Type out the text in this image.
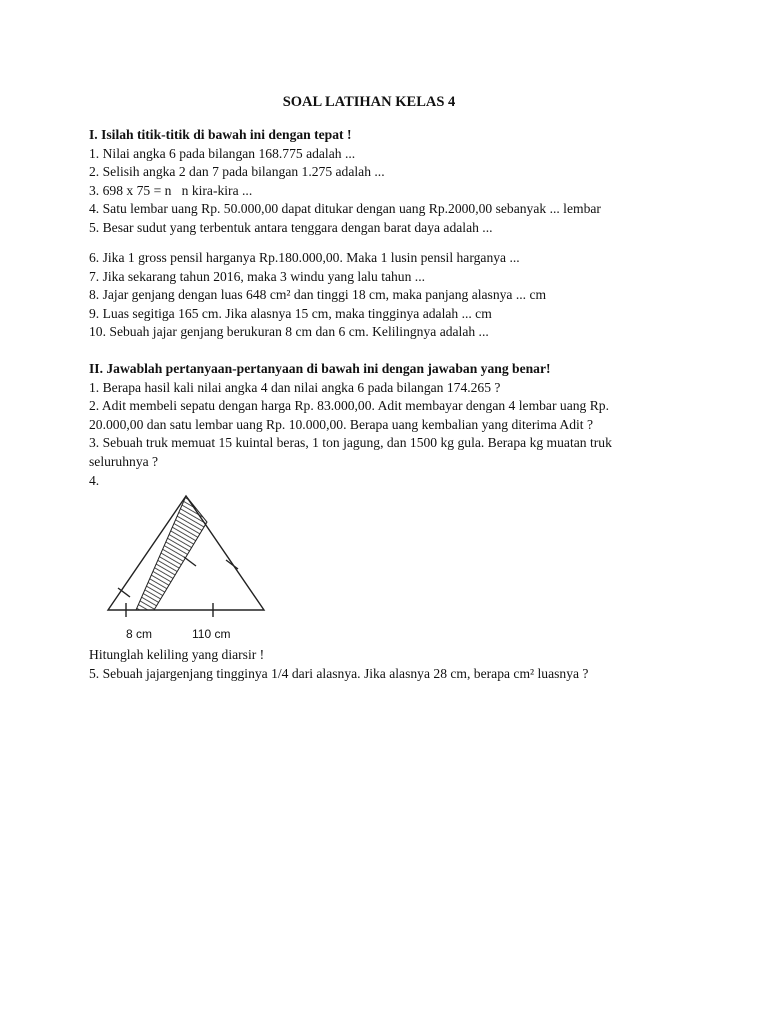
SOAL LATIHAN KELAS 4
I. Isilah titik-titik di bawah ini dengan tepat !
1. Nilai angka 6 pada bilangan 168.775 adalah ...
2. Selisih angka 2 dan 7 pada bilangan 1.275 adalah ...
3. 698 x 75 = n   n kira-kira ...
4. Satu lembar uang Rp. 50.000,00 dapat ditukar dengan uang Rp.2000,00 sebanyak ... lembar
5. Besar sudut yang terbentuk antara tenggara dengan barat daya adalah ...
6. Jika 1 gross pensil harganya Rp.180.000,00. Maka 1 lusin pensil harganya ...
7. Jika sekarang tahun 2016, maka 3 windu yang lalu tahun ...
8. Jajar genjang dengan luas 648 cm² dan tinggi 18 cm, maka panjang alasnya ... cm
9. Luas segitiga 165 cm. Jika alasnya 15 cm, maka tingginya adalah ... cm
10. Sebuah jajar genjang berukuran 8 cm dan 6 cm. Kelilingnya adalah ...
II. Jawablah pertanyaan-pertanyaan di bawah ini dengan jawaban yang benar!
1. Berapa hasil kali nilai angka 4 dan nilai angka 6 pada bilangan 174.265 ?
2. Adit membeli sepatu dengan harga Rp. 83.000,00. Adit membayar dengan 4 lembar uang Rp.
20.000,00 dan satu lembar uang Rp. 10.000,00. Berapa uang kembalian yang diterima Adit ?
3. Sebuah truk memuat 15 kuintal beras, 1 ton jagung, dan 1500 kg gula. Berapa kg muatan truk
seluruhnya ?
4.
8 cm	110 cm
Hitunglah keliling yang diarsir !
5. Sebuah jajargenjang tingginya 1/4 dari alasnya. Jika alasnya 28 cm, berapa cm² luasnya ?
